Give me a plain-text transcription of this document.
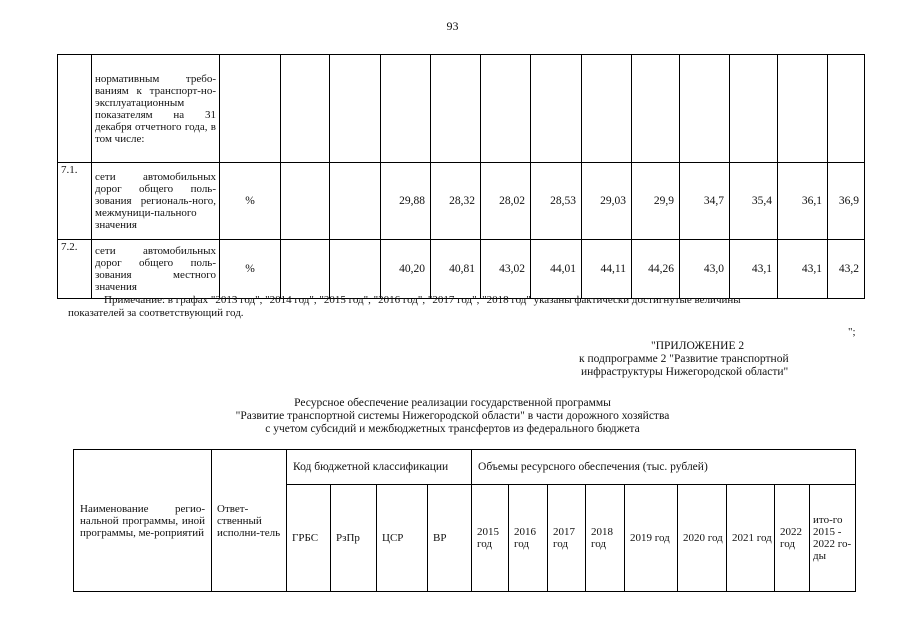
93
	нормативным требо-ваниям к транспорт-но-эксплуатационным показателям на 31 декабря отчетного года, в том числе:													
7.1.	сети автомобильных дорог общего поль-зования региональ-ного, межмуници-пального значения	%			29,88	28,32	28,02	28,53	29,03	29,9	34,7	35,4	36,1	36,9
7.2.	сети автомобильных дорог общего поль-зования местного значения	%			40,20	40,81	43,02	44,01	44,11	44,26	43,0	43,1	43,1	43,2
Примечание: в графах "2013 год", "2014 год", "2015 год", "2016 год", "2017 год", "2018 год" указаны фактически достигнутые величины
показателей за соответствующий год.
";
"ПРИЛОЖЕНИЕ 2
к подпрограмме 2 "Развитие транспортной
инфраструктуры Нижегородской области"
Ресурсное обеспечение реализации государственной программы
"Развитие транспортной системы Нижегородской области" в части дорожного хозяйства
с учетом субсидий и межбюджетных трансфертов из федерального бюджета
Наименование регио-нальной программы, иной программы, ме-роприятий	Ответ-ственный исполни-тель	Код бюджетной классификации				Объемы ресурсного обеспечения (тыс. рублей)								
		ГРБС	РзПр	ЦСР	ВР	2015 год	2016 год	2017 год	2018 год	2019 год	2020 год	2021 год	2022 год	ито-го 2015 - 2022 го-ды
